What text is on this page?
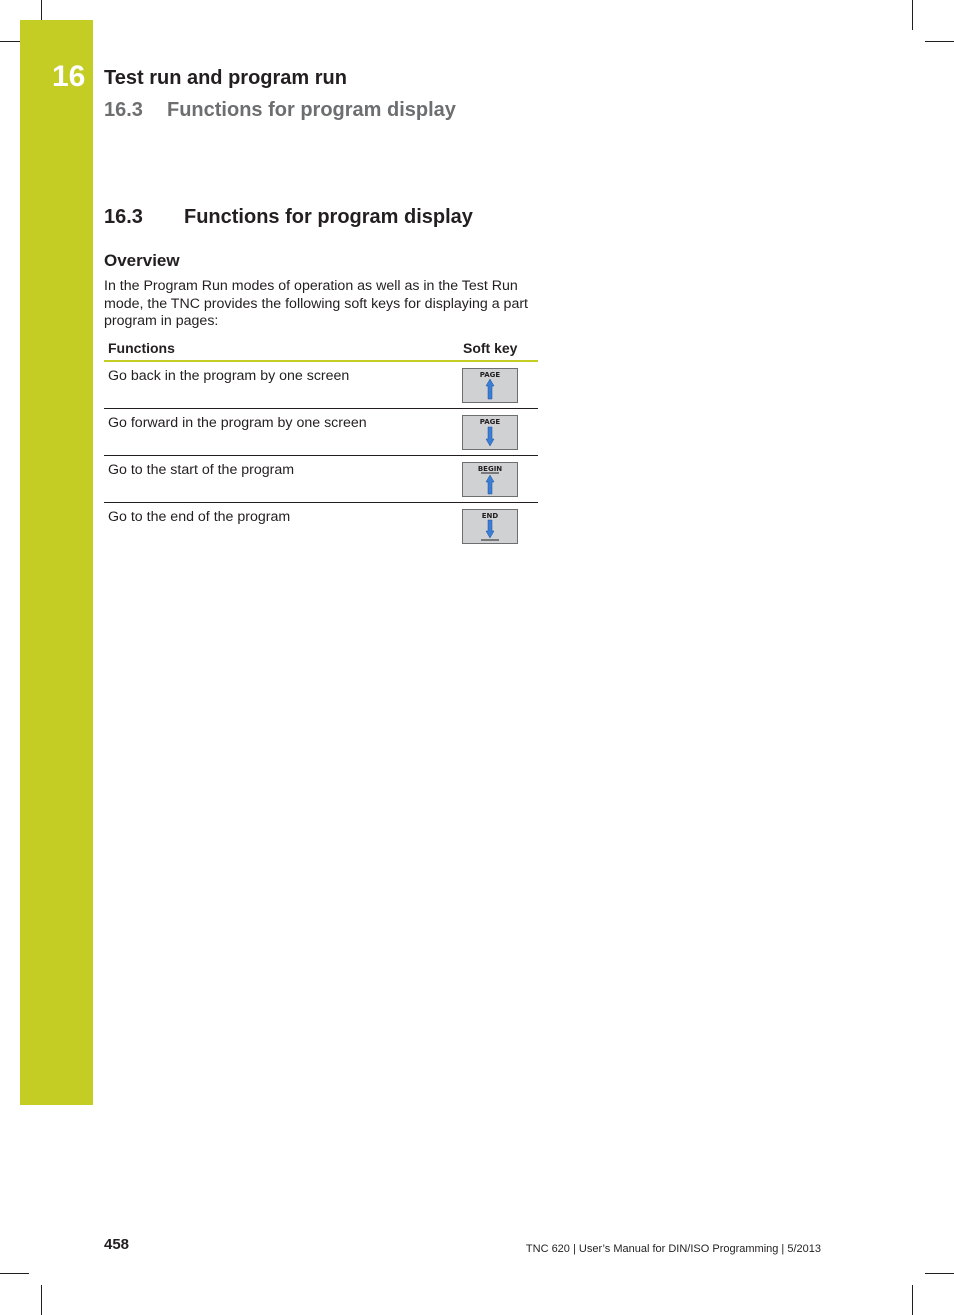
16 Test run and program run
16.3 Functions for program display
16.3 Functions for program display
Overview
In the Program Run modes of operation as well as in the Test Run mode, the TNC provides the following soft keys for displaying a part program in pages:
Functions	Soft key
Go back in the program by one screen	PAGE
Go forward in the program by one screen	PAGE
Go to the start of the program	BEGIN
Go to the end of the program	END
458	TNC 620 | User’s Manual for DIN/ISO Programming | 5/2013
